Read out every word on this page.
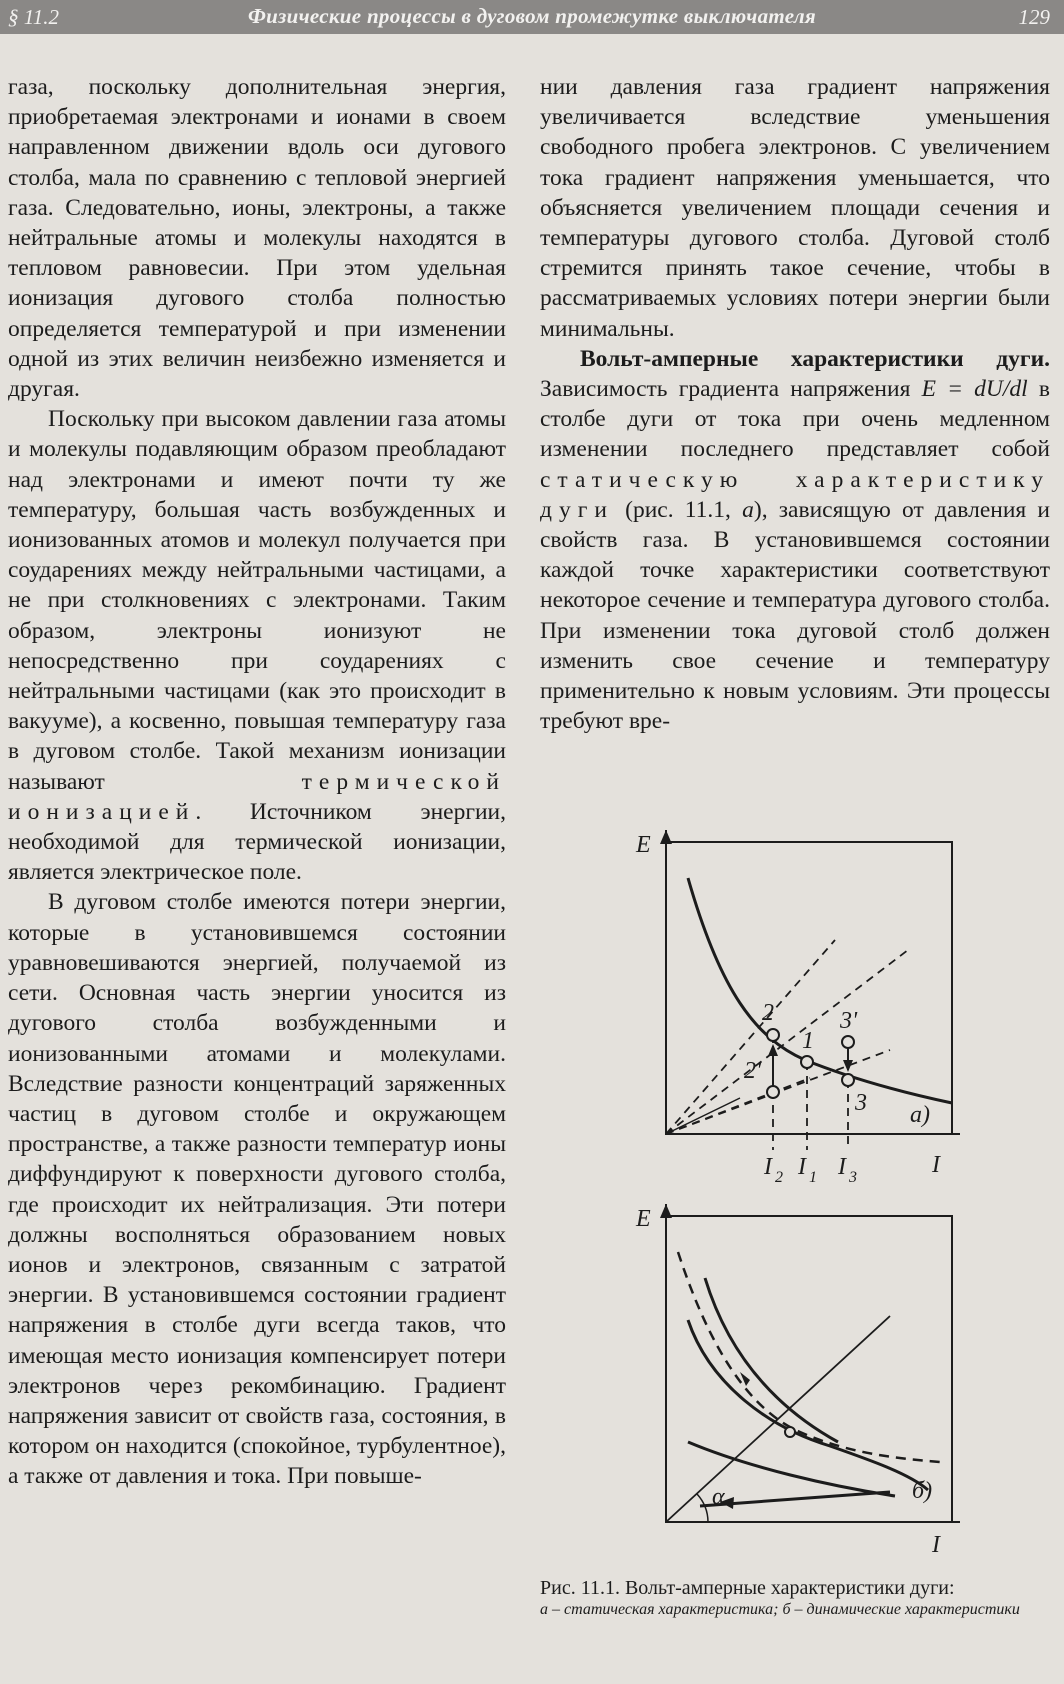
§ 11.2	Физические процессы в дуговом промежутке выключателя	129

газа, поскольку дополнительная энергия, приобретаемая электронами и ионами в своем направленном движении вдоль оси дугового столба, мала по сравнению с тепловой энергией газа. Следовательно, ионы, электроны, а также нейтральные атомы и молекулы находятся в тепловом равновесии. При этом удельная ионизация дугового столба полностью определяется температурой и при изменении одной из этих величин неизбежно изменяется и другая.

Поскольку при высоком давлении газа атомы и молекулы подавляющим образом преобладают над электронами и имеют почти ту же температуру, большая часть возбужденных и ионизованных атомов и молекул получается при соударениях между нейтральными частицами, а не при столкновениях с электронами. Таким образом, электроны ионизуют не непосредственно при соударениях с нейтральными частицами (как это происходит в вакууме), а косвенно, повышая температуру газа в дуговом столбе. Такой механизм ионизации называют термической ионизацией. Источником энергии, необходимой для термической ионизации, является электрическое поле.

В дуговом столбе имеются потери энергии, которые в установившемся состоянии уравновешиваются энергией, получаемой из сети. Основная часть энергии уносится из дугового столба возбужденными и ионизованными атомами и молекулами. Вследствие разности концентраций заряженных частиц в дуговом столбе и окружающем пространстве, а также разности температур ионы диффундируют к поверхности дугового столба, где происходит их нейтрализация. Эти потери должны восполняться образованием новых ионов и электронов, связанным с затратой энергии. В установившемся состоянии градиент напряжения в столбе дуги всегда таков, что имеющая место ионизация компенсирует потери электронов через рекомбинацию. Градиент напряжения зависит от свойств газа, состояния, в котором он находится (спокойное, турбулентное), а также от давления и тока. При повыше-

нии давления газа градиент напряжения увеличивается вследствие уменьшения свободного пробега электронов. С увеличением тока градиент напряжения уменьшается, что объясняется увеличением площади сечения и температуры дугового столба. Дуговой столб стремится принять такое сечение, чтобы в рассматриваемых условиях потери энергии были минимальны.

Вольт-амперные характеристики дуги. Зависимость градиента напряжения E = dU/dl в столбе дуги от тока при очень медленном изменении последнего представляет собой статическую характеристику дуги (рис. 11.1, а), зависящую от давления и свойств газа. В установившемся состоянии каждой точке характеристики соответствуют некоторое сечение и температура дугового столба. При изменении тока дуговой столб должен изменить свое сечение и температуру применительно к новым условиям. Эти процессы требуют вре-

E
I
а)
2
1
3'
2'
3
I 2 I 1 I 3
E
I
б)
α
Рис. 11.1. Вольт-амперные характеристики дуги:
а – статическая характеристика; б – динамические характеристики
